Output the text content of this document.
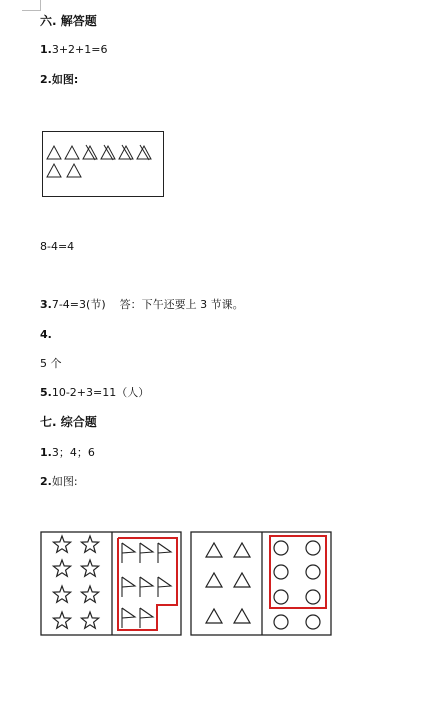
六. 解答题
1.3+2+1=6
2.如图:
8-4=4
3.7-4=3(节)    答：下午还要上 3 节课。
4.
5 个
5.10-2+3=11（人）
七. 综合题
1.3；4；6
2.如图:
